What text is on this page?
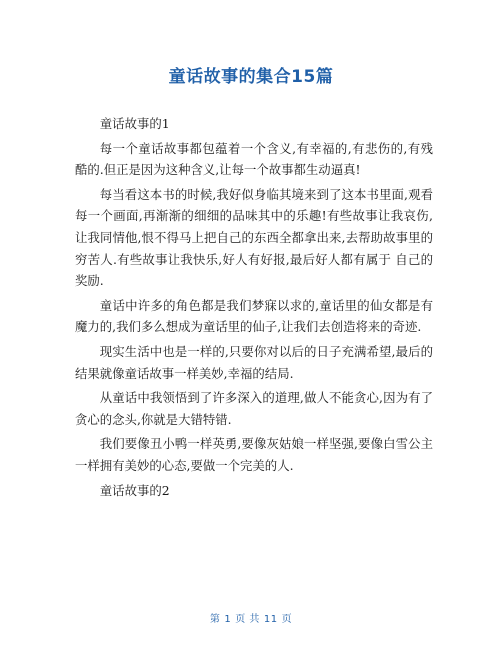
童话故事的集合15篇

童话故事的1

每一个童话故事都包蕴着一个含义,有幸福的,有悲伤的,有残酷的.但正是因为这种含义,让每一个故事都生动逼真!

每当看这本书的时候,我好似身临其境来到了这本书里面,观看每一个画面,再渐渐的细细的品味其中的乐趣!有些故事让我哀伤,让我同情他,恨不得马上把自己的东西全都拿出来,去帮助故事里的穷苦人.有些故事让我快乐,好人有好报,最后好人都有属于 自己的奖励.

童话中许多的角色都是我们梦寐以求的,童话里的仙女都是有魔力的,我们多么想成为童话里的仙子,让我们去创造将来的奇迹.

现实生活中也是一样的,只要你对以后的日子充满希望,最后的结果就像童话故事一样美妙,幸福的结局.

从童话中我领悟到了许多深入的道理,做人不能贪心,因为有了贪心的念头,你就是大错特错.

我们要像丑小鸭一样英勇,要像灰姑娘一样坚强,要像白雪公主一样拥有美妙的心态,要做一个完美的人.

童话故事的2

第 1 页 共 11 页
